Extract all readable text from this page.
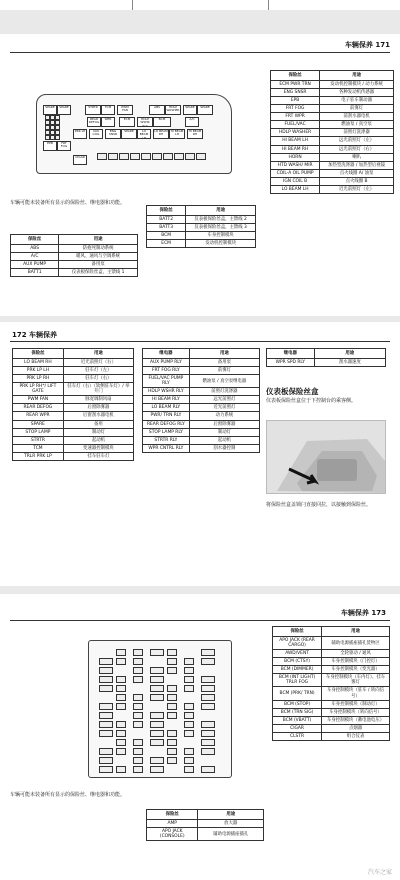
车辆保养 171
SPARE	SPARE	STRTR	TCM	PWM FAN
ABS	HDLP WASHER
SPARE	SPARE
REAR DEFOG
WPR	ECM	HDLP WSHR RLY
BCM	A/C
PRK LP	IGN COIL
ENG SNSR
SPARE	LO BEAM LH
LO BEAM RH
HI BEAM LH
HI BEAM RH
EPB	FRT FOG
CIGAR
车辆可能未装备所有显示的保险丝、继电器和功能。
保险丝	用途
ABS	防抱死制动系统
A/C	暖风、通风与空调系统
AUX PUMP	备用泵
BATT1	仪表板保险丝盒，主馈线 1
保险丝	用途
BATT2	仪表板保险丝盒，主馈线 2
BATT3	仪表板保险丝盒，主馈线 3
BCM	车身控制模块
ECM	发动机控制模块
保险丝	用途
ECM PWR TRN	发动机控制模块 / 动力系统
ENG SNSR	各种发动机传感器
EPB	电子驻车制动器
FRT FOG	前雾灯
FRT WPR	前刮水器电机
FUEL/VAC	燃油泵 / 真空泵
HDLP WASHER	前照灯洗涤器
HI BEAM LH	远光前照灯（左）
HI BEAM RH	远光前照灯（右）
HORN	喇叭
HTD WASH/ MIR	加热型洗涤器 / 加热型后视镜
COIL-A OIL PUMP	点火线圈 A/ 油泵
IGN COIL B	点火线圈 B
LO BEAM LH	近光前照灯（左）
172 车辆保养
保险丝	用途
LO BEAM RH	近光前照灯（右）
PRK LP LH	驻车灯（左）
PRK LP RH	驻车灯（右）
PRK LP RH*/ LIFT GATE	驻车灯（右）（软侧驻车灯）/ 举升门
PWM FAN	脉宽调制风扇
REAR DEFOG	后窗除雾器
REAR WPR	后窗刮水器电机
SPARE	备用
STOP LAMP	制动灯
STRTR	起动机
TCM	变速器控制模块
TRLR PRK LP	挂车驻车灯
继电器	用途
AUX PUMP RLY	备用泵
FRT FOG RLY	前雾灯
FUEL/VAC PUMP RLY	燃油泵 / 真空泵继电器
HDLP WSHR RLY	前照灯洗涤器
HI BEAM RLY	远光前照灯
LO BEAM RLY	近光前照灯
PWR/ TRN RLY	动力系统
REAR DEFOG RLY	后窗除雾器
STOP LAMP RLY	制动灯
STRTR RLY	起动机
WPR CNTRL RLY	刮水器控制
继电器	用途
WPR SPD RLY	刮水器速度
仪表板保险丝盒
仪表板保险丝盒位于下控制台的乘客侧。
将保险丝盒盖锁闩直接回拉，以接触到保险丝。
车辆保养 173
车辆可能未装备所有显示的保险丝、继电器和功能。
保险丝	用途
AMP	放大器
APO JACK (CONSOLE)	辅助电源插座插孔
保险丝	用途
APO JACK (REAR CARGO)	辅助电源插座插孔货物区
AWD/VENT	全轮驱动 / 通风
BCM (CTSY)	车身控制模块（门控灯）
BCM (DIMMER)	车身控制模块（变光器）
BCM (INT LIGHT) TRLR FOG	车身控制模块（车内灯）、挂车雾灯
BCM (PRK/ TRN)	车身控制模块（驻车 / 转向信号）
BCM (STOP)	车身控制模块（制动灯）
BCM (TRN SIG)	车身控制模块（转向信号）
BCM (VBATT)	车身控制模块（蓄电池电压）
CIGAR	点烟器
CLSTR	组合仪表
汽车之家
